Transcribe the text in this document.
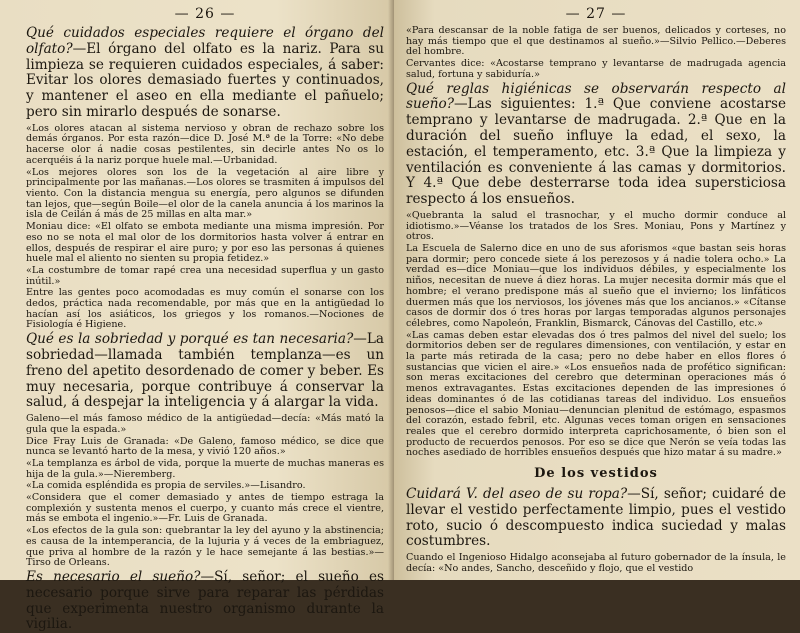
— 26 —

Qué cuidados especiales requiere el órgano del olfato?—El órgano del olfato es la nariz. Para su limpieza se requieren cuidados especiales, á saber: Evitar los olores demasiado fuertes y continuados, y mantener el aseo en ella mediante el pañuelo; pero sin mirarlo después de sonarse.

«Los olores atacan al sistema nervioso y obran de rechazo sobre los demás órganos. Por esta razón—dice D. José M.ª de la Torre: «No debe hacerse olor á nadie cosas pestilentes, sin decirle antes No os lo acerquéis á la nariz porque huele mal.—Urbanidad.

«Los mejores olores son los de la vegetación al aire libre y principalmente por las mañanas.—Los olores se trasmiten á impulsos del viento. Con la distancia mengua su energía, pero algunos se difunden tan lejos, que—según Boile—el olor de la canela anuncia á los marinos la isla de Ceilán á más de 25 millas en alta mar.»

Moniau dice: «El olfato se embota mediante una misma impresión. Por eso no se nota el mal olor de los dormitorios hasta volver á entrar en ellos, después de respirar el aire puro; y por eso las personas á quienes huele mal el aliento no sienten su propia fetidez.»

«La costumbre de tomar rapé crea una necesidad superflua y un gasto inútil.»

Entre las gentes poco acomodadas es muy común el sonarse con los dedos, práctica nada recomendable, por más que en la antigüedad lo hacían así los asiáticos, los griegos y los romanos.—Nociones de Fisiología é Higiene.

Qué es la sobriedad y porqué es tan necesaria?—La sobriedad—llamada también templanza—es un freno del apetito desordenado de comer y beber. Es muy necesaria, porque contribuye á conservar la salud, á despejar la inteligencia y á alargar la vida.

Galeno—el más famoso médico de la antigüedad—decía: «Más mató la gula que la espada.»

Dice Fray Luis de Granada: «De Galeno, famoso médico, se dice que nunca se levantó harto de la mesa, y vivió 120 años.»

«La templanza es árbol de vida, porque la muerte de muchas maneras es hija de la gula.»—Nieremberg.

«La comida espléndida es propia de serviles.»—Lisandro.

«Considera que el comer demasiado y antes de tiempo estraga la complexión y sustenta menos el cuerpo, y cuanto más crece el vientre, más se embota el ingenio.»—Fr. Luis de Granada.

«Los efectos de la gula son: quebrantar la ley del ayuno y la abstinencia; es causa de la intemperancia, de la lujuria y á veces de la embriaguez, que priva al hombre de la razón y le hace semejante á las bestias.»—Tirso de Orleans.

Es necesario el sueño?—Sí, señor; el sueño es necesario porque sirve para reparar las pérdidas que experimenta nuestro organismo durante la vigilia.

— 27 —

«Para descansar de la noble fatiga de ser buenos, delicados y corteses, no hay más tiempo que el que destinamos al sueño.»—Silvio Pellico.—Deberes del hombre.

Cervantes dice: «Acostarse temprano y levantarse de madrugada agencia salud, fortuna y sabiduría.»

Qué reglas higiénicas se observarán respecto al sueño?—Las siguientes: 1.ª Que conviene acostarse temprano y levantarse de madrugada. 2.ª Que en la duración del sueño influye la edad, el sexo, la estación, el temperamento, etc. 3.ª Que la limpieza y ventilación es conveniente á las camas y dormitorios. Y 4.ª Que debe desterrarse toda idea supersticiosa respecto á los ensueños.

«Quebranta la salud el trasnochar, y el mucho dormir conduce al idiotismo.»—Véanse los tratados de los Sres. Moniau, Pons y Martínez y otros.

La Escuela de Salerno dice en uno de sus aforismos «que bastan seis horas para dormir; pero concede siete á los perezosos y á nadie tolera ocho.» La verdad es—dice Moniau—que los individuos débiles, y especialmente los niños, necesitan de nueve á diez horas. La mujer necesita dormir más que el hombre; el verano predispone más al sueño que el invierno; los linfáticos duermen más que los nerviosos, los jóvenes más que los ancianos.» «Cítanse casos de dormir dos ó tres horas por largas temporadas algunos personajes célebres, como Napoleón, Franklin, Bismarck, Cánovas del Castillo, etc.»

«Las camas deben estar elevadas dos ó tres palmos del nivel del suelo; los dormitorios deben ser de regulares dimensiones, con ventilación, y estar en la parte más retirada de la casa; pero no debe haber en ellos flores ó sustancias que vicien el aire.» «Los ensueños nada de profético significan: son meras excitaciones del cerebro que determinan operaciones más ó menos extravagantes. Estas excitaciones dependen de las impresiones ó ideas dominantes ó de las cotidianas tareas del individuo. Los ensueños penosos—dice el sabio Moniau—denuncian plenitud de estómago, espasmos del corazón, estado febril, etc. Algunas veces toman origen en sensaciones reales que el cerebro dormido interpreta caprichosamente, ó bien son el producto de recuerdos penosos. Por eso se dice que Nerón se veía todas las noches asediado de horribles ensueños después que hizo matar á su madre.»

De los vestidos

Cuidará V. del aseo de su ropa?—Sí, señor; cuidaré de llevar el vestido perfectamente limpio, pues el vestido roto, sucio ó descompuesto indica suciedad y malas costumbres.

Cuando el Ingenioso Hidalgo aconsejaba al futuro gobernador de la ínsula, le decía: «No andes, Sancho, desceñido y flojo, que el vestido
